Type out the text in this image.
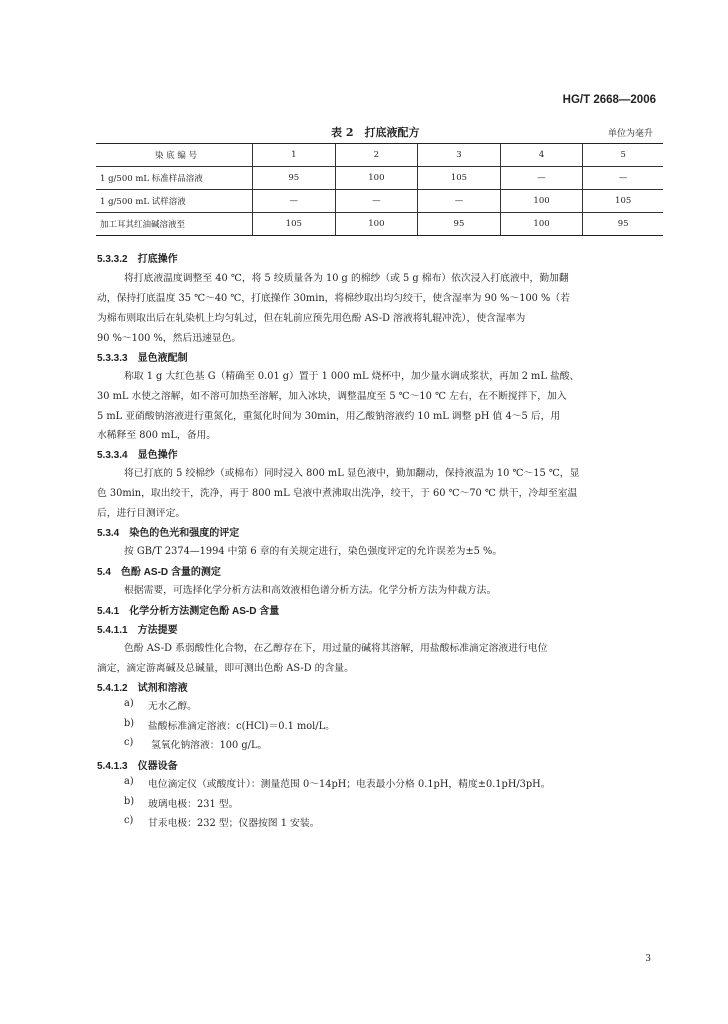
HG/T 2668—2006
表 2　打底液配方	单位为毫升
染 底 编 号	1	2	3	4	5
1 g/500 mL 标准样品溶液	95	100	105	—	—
1 g/500 mL 试样溶液	—	—	—	100	105
加工耳其红油碱溶液至	105	100	95	100	95
5.3.3.2　打底操作
将打底液温度调整至 40 ℃，将 5 绞质量各为 10 g 的棉纱（或 5 g 棉布）依次浸入打底液中，勤加翻
动，保持打底温度 35 ℃～40 ℃，打底操作 30min，将棉纱取出均匀绞干，使含湿率为 90 %～100 %（若
为棉布则取出后在轧染机上均匀轧过，但在轧前应预先用色酚 AS-D 溶液将轧辊冲洗），使含湿率为
90 %～100 %，然后迅速显色。
5.3.3.3　显色液配制
称取 1 g 大红色基 G（精确至 0.01 g）置于 1 000 mL 烧杯中，加少量水调成浆状，再加 2 mL 盐酸、
30 mL 水使之溶解，如不溶可加热至溶解，加入冰块，调整温度至 5 ℃～10 ℃ 左右，在不断搅拌下，加入
5 mL 亚硝酸钠溶液进行重氮化，重氮化时间为 30min，用乙酸钠溶液约 10 mL 调整 pH 值 4～5 后，用
水稀释至 800 mL，备用。
5.3.3.4　显色操作
将已打底的 5 绞棉纱（或棉布）同时浸入 800 mL 显色液中，勤加翻动，保持液温为 10 ℃～15 ℃，显
色 30min，取出绞干，洗净，再于 800 mL 皂液中煮沸取出洗净，绞干，于 60 ℃～70 ℃ 烘干，冷却至室温
后，进行目测评定。
5.3.4　染色的色光和强度的评定
按 GB/T 2374—1994 中第 6 章的有关规定进行，染色强度评定的允许误差为±5 %。
5.4　色酚 AS-D 含量的测定
根据需要，可选择化学分析方法和高效液相色谱分析方法。化学分析方法为仲裁方法。
5.4.1　化学分析方法测定色酚 AS-D 含量
5.4.1.1　方法提要
色酚 AS-D 系弱酸性化合物，在乙醇存在下，用过量的碱将其溶解，用盐酸标准滴定溶液进行电位
滴定，滴定游离碱及总碱量，即可测出色酚 AS-D 的含量。
5.4.1.2　试剂和溶液
a) 无水乙醇。
b) 盐酸标准滴定溶液：c(HCl)＝0.1 mol/L。
c) 氢氧化钠溶液：100 g/L。
5.4.1.3　仪器设备
a) 电位滴定仪（或酸度计）：测量范围 0～14pH；电表最小分格 0.1pH，精度±0.1pH/3pH。
b) 玻璃电极：231 型。
c) 甘汞电极：232 型；仪器按图 1 安装。
3
